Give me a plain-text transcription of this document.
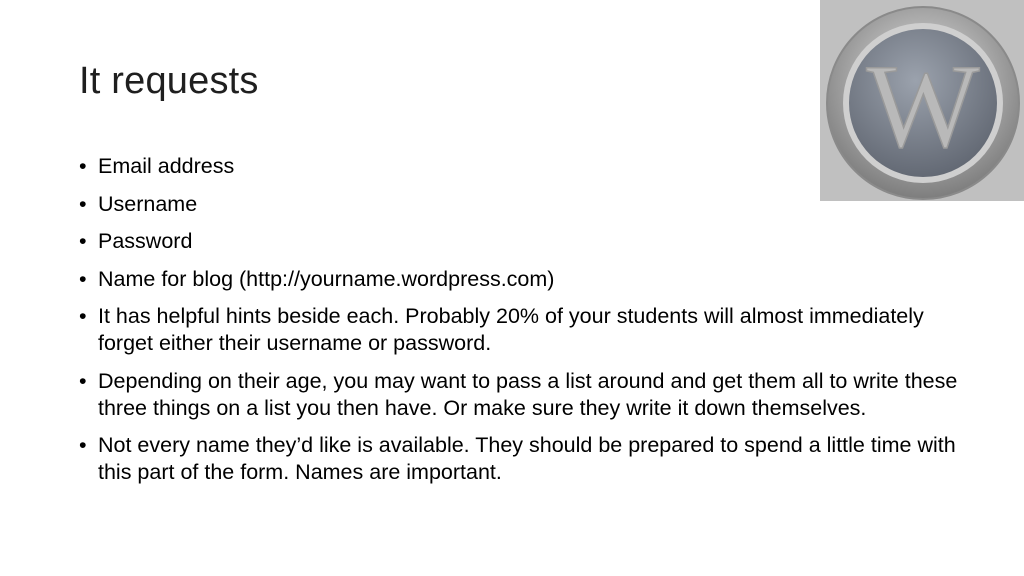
It requests	W
• Email address
• Username
• Password
• Name for blog (http://yourname.wordpress.com)
• It has helpful hints beside each. Probably 20% of your students will almost immediately forget either their username or password.
• Depending on their age, you may want to pass a list around and get them all to write these three things on a list you then have. Or make sure they write it down themselves.
• Not every name they’d like is available. They should be prepared to spend a little time with this part of the form. Names are important.
